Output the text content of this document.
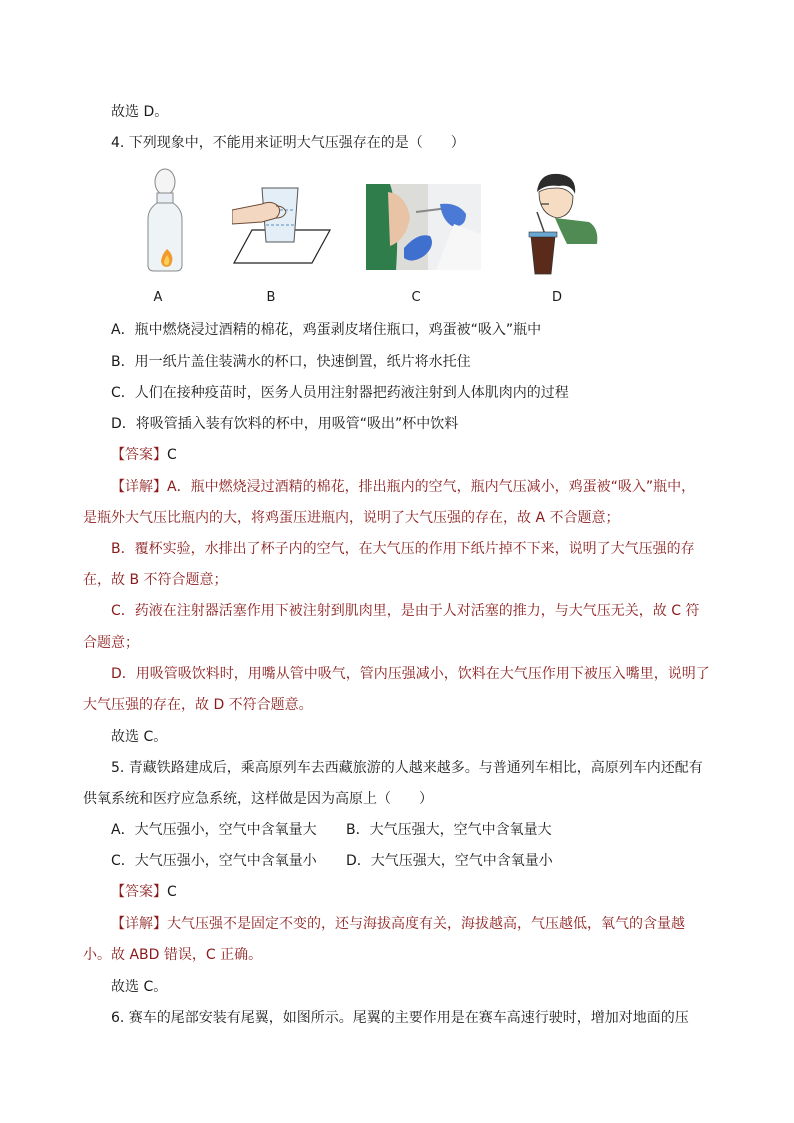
故选 D。
4. 下列现象中，不能用来证明大气压强存在的是（　　）
A	B	C	D
A．瓶中燃烧浸过酒精的棉花，鸡蛋剥皮堵住瓶口，鸡蛋被“吸入”瓶中
B．用一纸片盖住装满水的杯口，快速倒置，纸片将水托住
C．人们在接种疫苗时，医务人员用注射器把药液注射到人体肌肉内的过程
D．将吸管插入装有饮料的杯中，用吸管“吸出”杯中饮料
【答案】C
【详解】A．瓶中燃烧浸过酒精的棉花，排出瓶内的空气，瓶内气压减小，鸡蛋被“吸入”瓶中，
是瓶外大气压比瓶内的大，将鸡蛋压进瓶内，说明了大气压强的存在，故 A 不合题意；
B．覆杯实验，水排出了杯子内的空气，在大气压的作用下纸片掉不下来，说明了大气压强的存
在，故 B 不符合题意；
C．药液在注射器活塞作用下被注射到肌肉里，是由于人对活塞的推力，与大气压无关，故 C 符
合题意；
D．用吸管吸饮料时，用嘴从管中吸气，管内压强减小，饮料在大气压作用下被压入嘴里，说明了
大气压强的存在，故 D 不符合题意。
故选 C。
5. 青藏铁路建成后，乘高原列车去西藏旅游的人越来越多。与普通列车相比，高原列车内还配有
供氧系统和医疗应急系统，这样做是因为高原上（　　）
A．大气压强小，空气中含氧量大 B．大气压强大，空气中含氧量大
C．大气压强小，空气中含氧量小 D．大气压强大，空气中含氧量小
【答案】C
【详解】大气压强不是固定不变的，还与海拔高度有关，海拔越高，气压越低，氧气的含量越
小。故 ABD 错误，C 正确。
故选 C。
6. 赛车的尾部安装有尾翼，如图所示。尾翼的主要作用是在赛车高速行驶时，增加对地面的压
